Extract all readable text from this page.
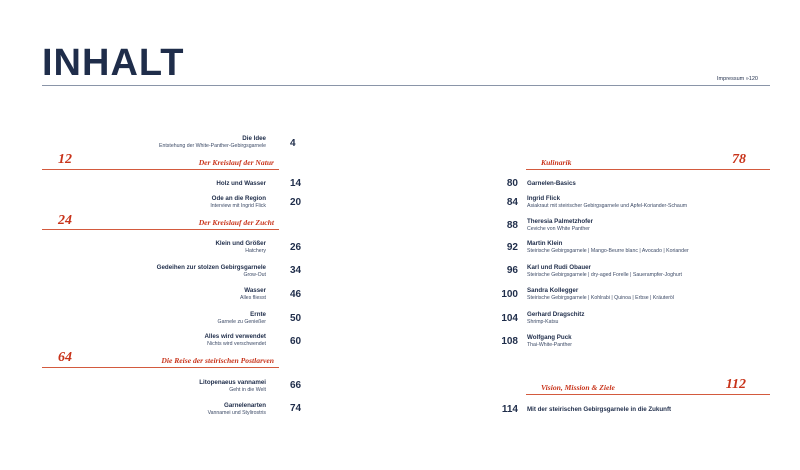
INHALT	Impressum »120
Die Idee
Entstehung der White-Panther-Gebirgsgarnele 4
12	Der Kreislauf der Natur
Holz und Wasser 14
Ode an die Region
Interview mit Ingrid Flick 20
24	Der Kreislauf der Zucht
Klein und Größer
Hatchery 26
Gedeihen zur stolzen Gebirgsgarnele
Grow-Out 34
Wasser
Alles fliesst 46
Ernte
Garnele zu Genießer 50
Alles wird verwendet
Nichts wird verschwendet 60
64	Die Reise der steirischen Postlarven
Litopenaeus vannamei
Geht in die Welt 66
Garnelenarten
Vannamei und Stylirostris 74
Kulinarik	78
80 Garnelen-Basics
84 Ingrid Flick
Asiakraut mit steirischer Gebirgsgarnele und Apfel-Koriander-Schaum
88 Theresia Palmetzhofer
Ceviche von White Panther
92 Martin Klein
Steirische Gebirgsgarnele | Mango-Beurre blanc | Avocado | Koriander
96 Karl und Rudi Obauer
Steirische Gebirgsgarnele | dry-aged Forelle | Sauerampfer-Joghurt
100 Sandra Kollegger
Steirische Gebirgsgarnele | Kohlrabi | Quinoa | Erbse | Kräuteröl
104 Gerhard Dragschitz
Shrimp-Katsu
108 Wolfgang Puck
Thai-White-Panther
Vision, Mission & Ziele	112
114 Mit der steirischen Gebirgsgarnele in die Zukunft
